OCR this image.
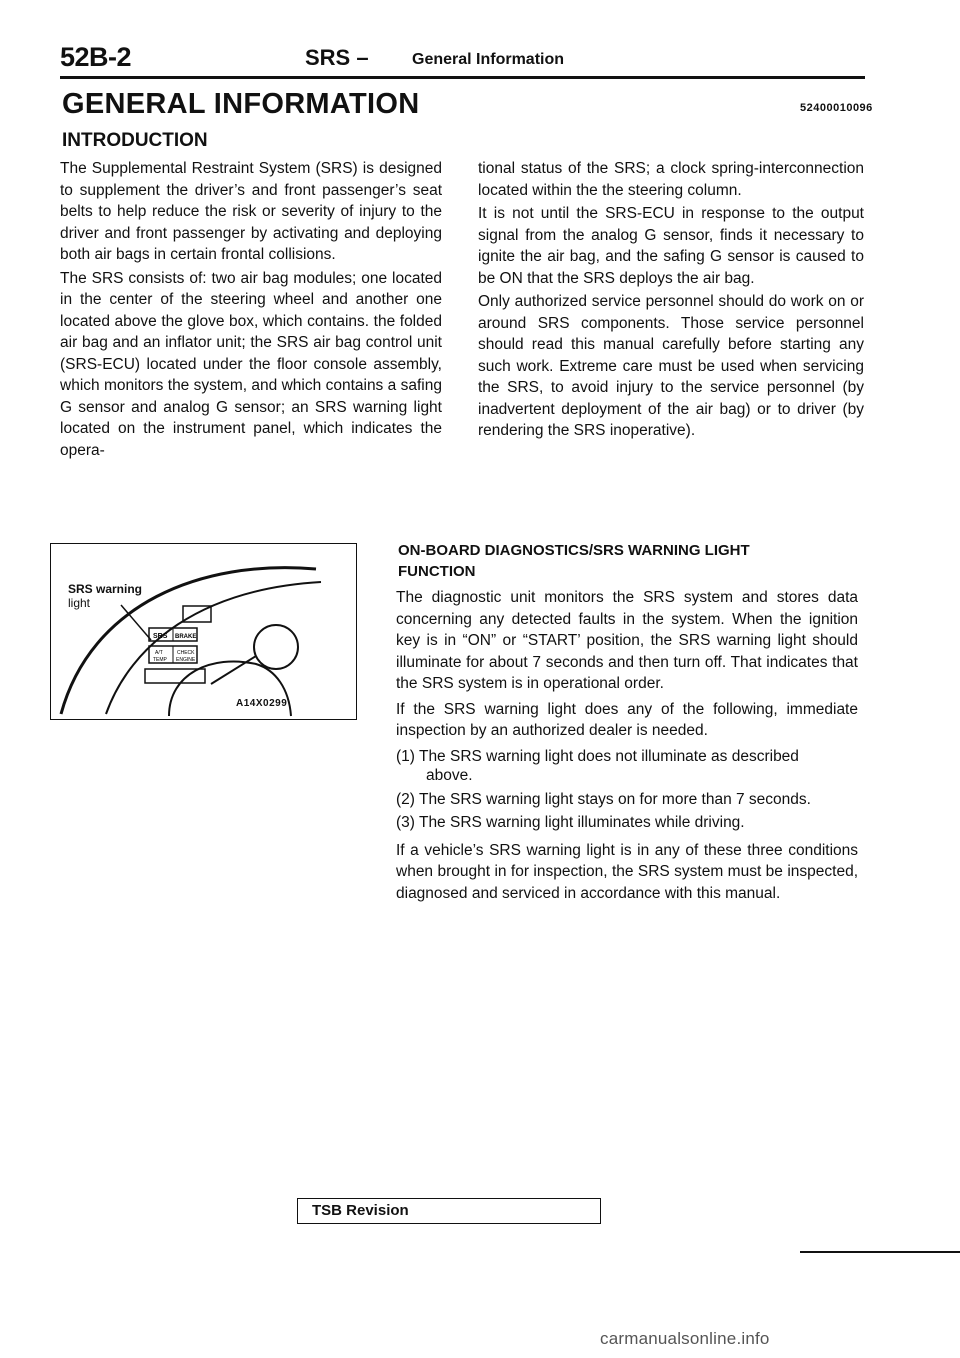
52B-2	SRS –	General Information
GENERAL INFORMATION	52400010096
INTRODUCTION

The Supplemental Restraint System (SRS) is designed to supplement the driver’s and front passenger’s seat belts to help reduce the risk or severity of injury to the driver and front passenger by activating and deploying both air bags in certain frontal collisions.

The SRS consists of: two air bag modules; one located in the center of the steering wheel and another one located above the glove box, which contains. the folded air bag and an inflator unit; the SRS air bag control unit (SRS-ECU) located under the floor console assembly, which monitors the system, and which contains a safing G sensor and analog G sensor; an SRS warning light located on the instrument panel, which indicates the opera-

tional status of the SRS; a clock spring-interconnection located within the the steering column.

It is not until the SRS-ECU in response to the output signal from the analog G sensor, finds it necessary to ignite the air bag, and the safing G sensor is caused to be ON that the SRS deploys the air bag.

Only authorized service personnel should do work on or around SRS components. Those service personnel should read this manual carefully before starting any such work. Extreme care must be used when servicing the SRS, to avoid injury to the service personnel (by inadvertent deployment of the air bag) or to driver (by rendering the SRS inoperative).

SRS BRAKE
A/T	CHECK
TEMP ENGINE
SRS warning
light
A14X0299
ON-BOARD DIAGNOSTICS/SRS WARNING LIGHT FUNCTION

The diagnostic unit monitors the SRS system and stores data concerning any detected faults in the system. When the ignition key is in “ON” or “START’ position, the SRS warning light should illuminate for about 7 seconds and then turn off. That indicates that the SRS system is in operational order.

If the SRS warning light does any of the following, immediate inspection by an authorized dealer is needed.

(1) The SRS warning light does not illuminate as described
above.
(2) The SRS warning light stays on for more than 7 seconds.
(3) The SRS warning light illuminates while driving.

If a vehicle’s SRS warning light is in any of these three conditions when brought in for inspection, the SRS system must be inspected, diagnosed and serviced in accordance with this manual.

TSB Revision
carmanualsonline.info
